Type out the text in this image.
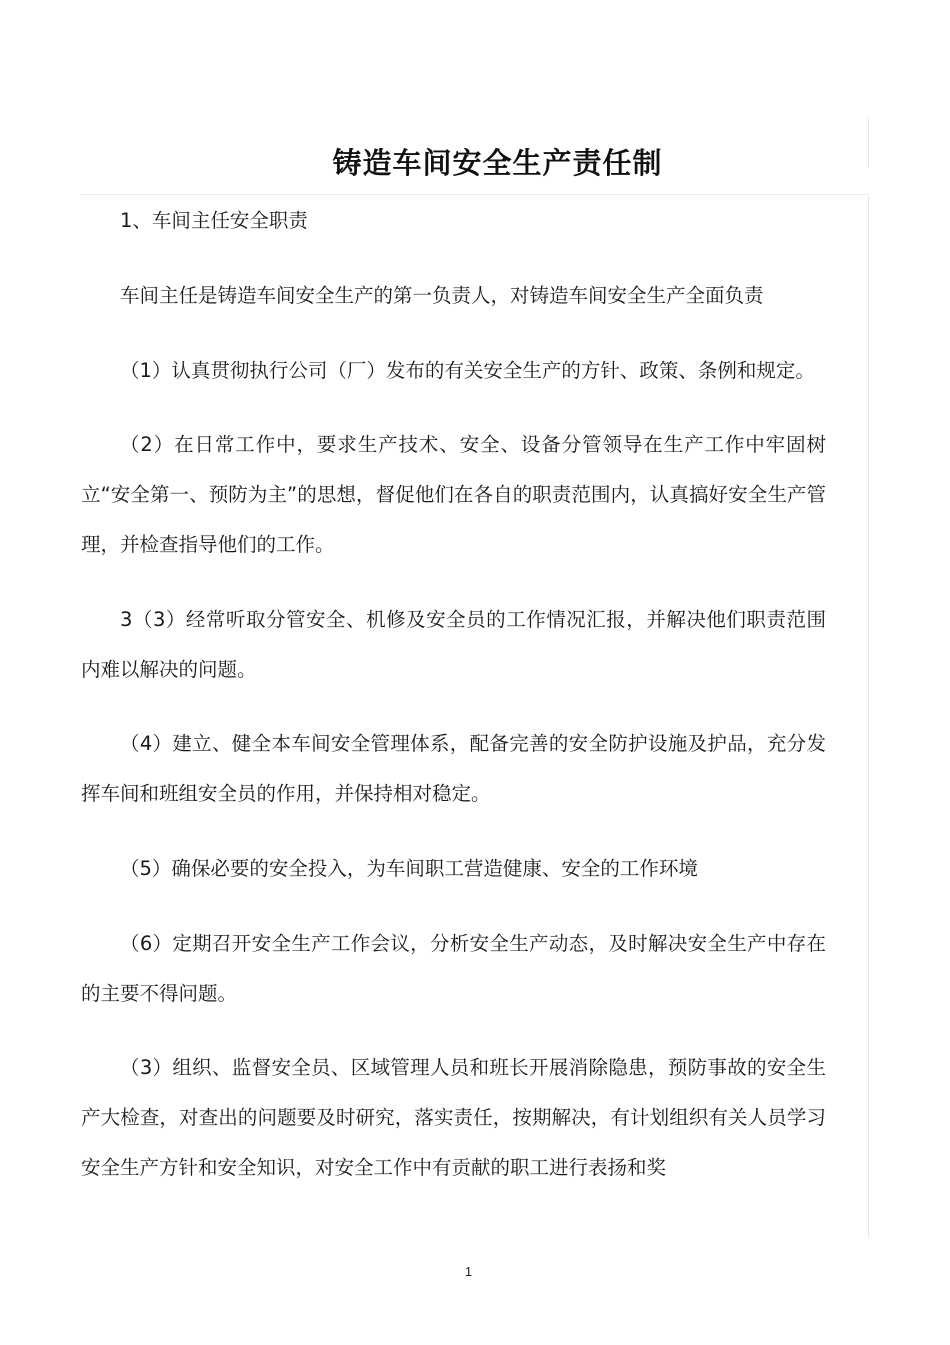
铸造车间安全生产责任制

1、车间主任安全职责

车间主任是铸造车间安全生产的第一负责人，对铸造车间安全生产全面负责

（1）认真贯彻执行公司（厂）发布的有关安全生产的方针、政策、条例和规定。

（2）在日常工作中，要求生产技术、安全、设备分管领导在生产工作中牢固树立“安全第一、预防为主”的思想，督促他们在各自的职责范围内，认真搞好安全生产管理，并检查指导他们的工作。

3（3）经常听取分管安全、机修及安全员的工作情况汇报，并解决他们职责范围内难以解决的问题。

（4）建立、健全本车间安全管理体系，配备完善的安全防护设施及护品，充分发挥车间和班组安全员的作用，并保持相对稳定。

（5）确保必要的安全投入，为车间职工营造健康、安全的工作环境

（6）定期召开安全生产工作会议，分析安全生产动态，及时解决安全生产中存在的主要不得问题。

（3）组织、监督安全员、区域管理人员和班长开展消除隐患，预防事故的安全生产大检查，对查出的问题要及时研究，落实责任，按期解决，有计划组织有关人员学习安全生产方针和安全知识，对安全工作中有贡献的职工进行表扬和奖

1
